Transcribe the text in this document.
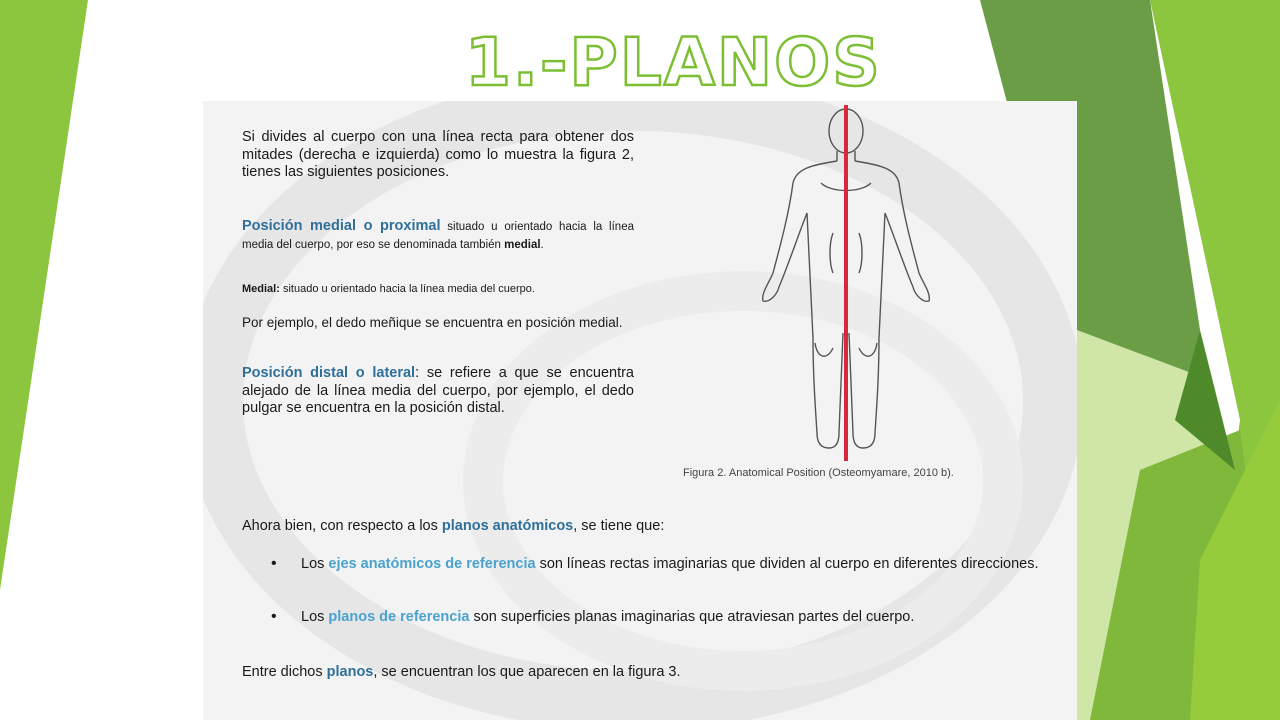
1.-PLANOS
Si divides al cuerpo con una línea recta para obtener dos mitades (derecha e izquierda) como lo muestra la figura 2, tienes las siguientes posiciones.
Posición medial o proximal situado u orientado hacia la línea media del cuerpo, por eso se denominada también medial.
Medial: situado u orientado hacia la línea media del cuerpo.
Por ejemplo, el dedo meñique se encuentra en posición medial.
Posición distal o lateral: se refiere a que se encuentra alejado de la línea media del cuerpo, por ejemplo, el dedo pulgar se encuentra en la posición distal.
Figura 2. Anatomical Position (Osteomyamare, 2010 b).
Ahora bien, con respecto a los planos anatómicos, se tiene que:
• Los ejes anatómicos de referencia son líneas rectas imaginarias que dividen al cuerpo en diferentes direcciones.
• Los planos de referencia son superficies planas imaginarias que atraviesan partes del cuerpo.
Entre dichos planos, se encuentran los que aparecen en la figura 3.
